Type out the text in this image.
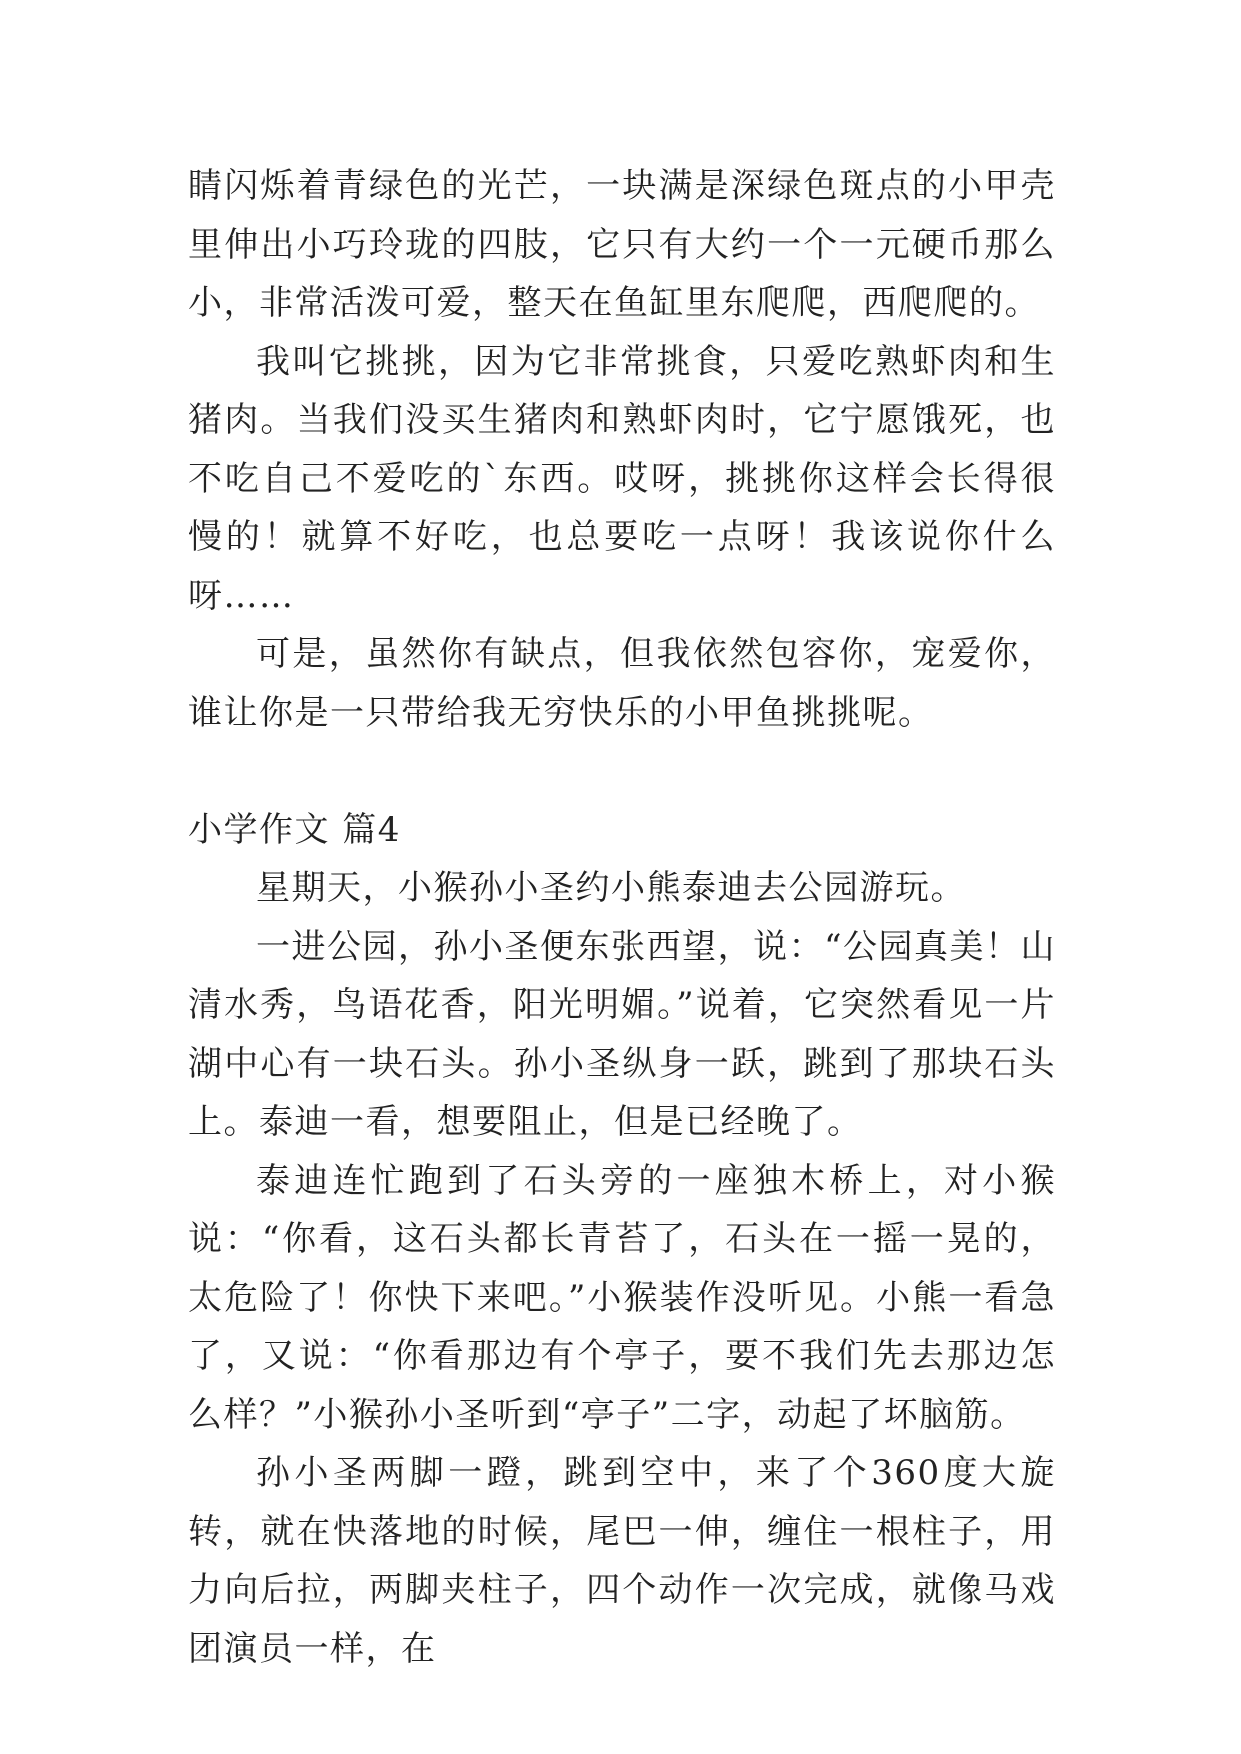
睛闪烁着青绿色的光芒，一块满是深绿色斑点的小甲壳里伸出小巧玲珑的四肢，它只有大约一个一元硬币那么小，非常活泼可爱，整天在鱼缸里东爬爬，西爬爬的。

我叫它挑挑，因为它非常挑食，只爱吃熟虾肉和生猪肉。当我们没买生猪肉和熟虾肉时，它宁愿饿死，也不吃自己不爱吃的`东西。哎呀，挑挑你这样会长得很慢的！就算不好吃，也总要吃一点呀！我该说你什么呀……

可是，虽然你有缺点，但我依然包容你，宠爱你，谁让你是一只带给我无穷快乐的小甲鱼挑挑呢。

小学作文 篇4

星期天，小猴孙小圣约小熊泰迪去公园游玩。

一进公园，孙小圣便东张西望，说：“公园真美！山清水秀，鸟语花香，阳光明媚。”说着，它突然看见一片湖中心有一块石头。孙小圣纵身一跃，跳到了那块石头上。泰迪一看，想要阻止，但是已经晚了。

泰迪连忙跑到了石头旁的一座独木桥上，对小猴说：“你看，这石头都长青苔了，石头在一摇一晃的，太危险了！你快下来吧。”小猴装作没听见。小熊一看急了，又说：“你看那边有个亭子，要不我们先去那边怎么样？”小猴孙小圣听到“亭子”二字，动起了坏脑筋。

孙小圣两脚一蹬，跳到空中，来了个360度大旋转，就在快落地的时候，尾巴一伸，缠住一根柱子，用力向后拉，两脚夹柱子，四个动作一次完成，就像马戏团演员一样，在
